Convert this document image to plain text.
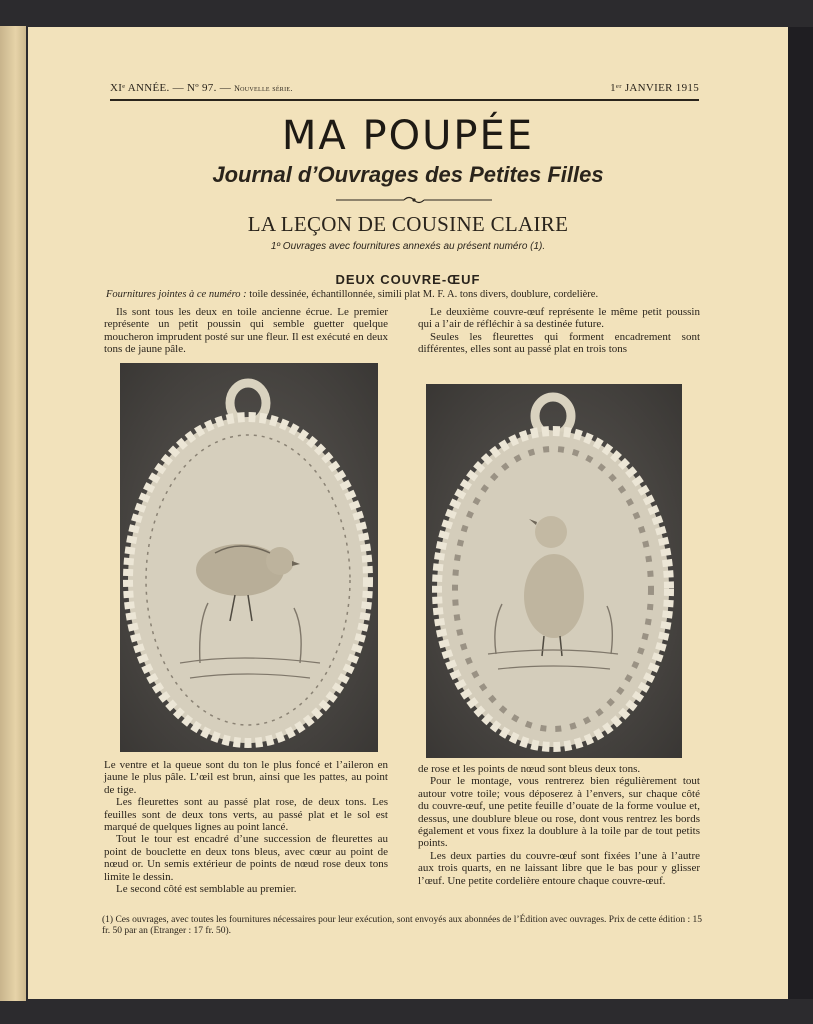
XIᵉ ANNÉE. — Nº 97. — Nouvelle série.	1ᵉʳ JANVIER 1915
MA POUPÉE
Journal d’Ouvrages des Petites Filles
LA LEÇON DE COUSINE CLAIRE
1º Ouvrages avec fournitures annexés au présent numéro (1).
DEUX COUVRE-ŒUF
Fournitures jointes à ce numéro : toile dessinée, échantillonnée, simili plat M. F. A. tons divers, doublure, cordelière.

Ils sont tous les deux en toile ancienne écrue. Le premier représente un petit poussin qui semble guetter quelque moucheron imprudent posté sur une fleur. Il est exécuté en deux tons de jaune pâle.

Le deuxième couvre-œuf représente le même petit poussin qui a l’air de réfléchir à sa destinée future.

Seules les fleurettes qui forment encadrement sont différentes, elles sont au passé plat en trois tons

Le ventre et la queue sont du ton le plus foncé et l’aileron en jaune le plus pâle. L’œil est brun, ainsi que les pattes, au point de tige.

Les fleurettes sont au passé plat rose, de deux tons. Les feuilles sont de deux tons verts, au passé plat et le sol est marqué de quelques lignes au point lancé.

Tout le tour est encadré d’une succession de fleurettes au point de bouclette en deux tons bleus, avec cœur au point de nœud or. Un semis extérieur de points de nœud rose deux tons limite le dessin.

Le second côté est semblable au premier.

de rose et les points de nœud sont bleus deux tons.

Pour le montage, vous rentrerez bien régulièrement tout autour votre toile; vous déposerez à l’envers, sur chaque côté du couvre-œuf, une petite feuille d’ouate de la forme voulue et, dessus, une doublure bleue ou rose, dont vous rentrez les bords également et vous fixez la doublure à la toile par de tout petits points.

Les deux parties du couvre-œuf sont fixées l’une à l’autre aux trois quarts, en ne laissant libre que le bas pour y glisser l’œuf. Une petite cordelière entoure chaque couvre-œuf.

(1) Ces ouvrages, avec toutes les fournitures nécessaires pour leur exécution, sont envoyés aux abonnées de l’Édition avec ouvrages. Prix de cette édition : 15 fr. 50 par an (Etranger : 17 fr. 50).
